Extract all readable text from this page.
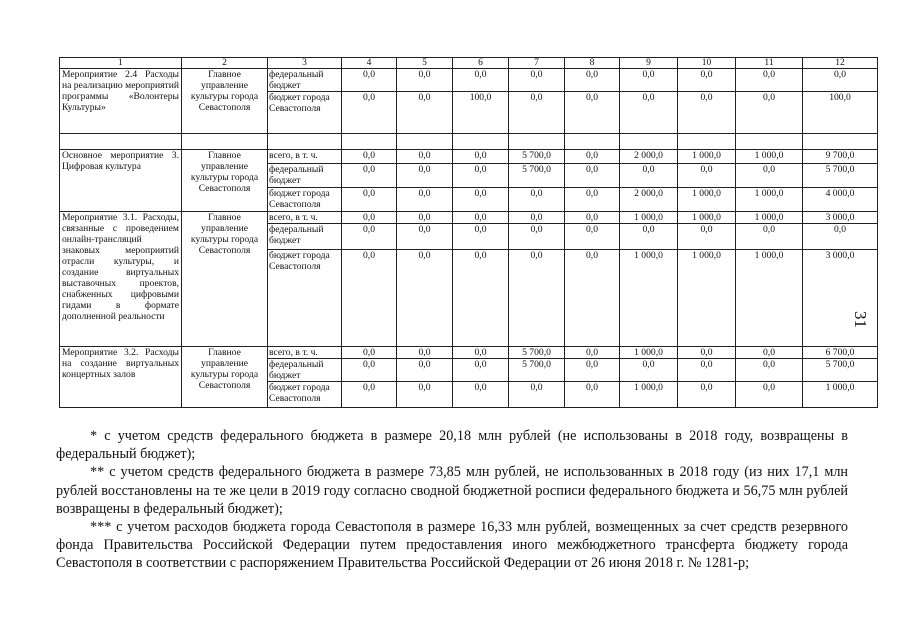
1	2	3	4	5	6	7	8	9	10	11	12

Мероприятие 2.4 Расходы на реализацию мероприятий программы «Волонтеры Культуры»	Главное управление культуры города Севастополя	федеральный бюджет	0,0	0,0	0,0	0,0	0,0	0,0	0,0	0,0	0,0
		бюджет города Севастополя	0,0	0,0	100,0	0,0	0,0	0,0	0,0	0,0	100,0

Основное мероприятие 3. Цифровая культура	Главное управление культуры города Севастополя	всего, в т. ч.	0,0	0,0	0,0	5 700,0	0,0	2 000,0	1 000,0	1 000,0	9 700,0
		федеральный бюджет	0,0	0,0	0,0	5 700,0	0,0	0,0	0,0	0,0	5 700,0
		бюджет города Севастополя	0,0	0,0	0,0	0,0	0,0	2 000,0	1 000,0	1 000,0	4 000,0

Мероприятие 3.1. Расходы, связанные с проведением онлайн-трансляций знаковых мероприятий отрасли культуры, и создание виртуальных выставочных проектов, снабженных цифровыми гидами в формате дополненной реальности	Главное управление культуры города Севастополя	всего, в т. ч.	0,0	0,0	0,0	0,0	0,0	1 000,0	1 000,0	1 000,0	3 000,0
		федеральный бюджет	0,0	0,0	0,0	0,0	0,0	0,0	0,0	0,0	0,0
		бюджет города Севастополя	0,0	0,0	0,0	0,0	0,0	1 000,0	1 000,0	1 000,0	3 000,0

Мероприятие 3.2. Расходы на создание виртуальных концертных залов	Главное управление культуры города Севастополя	всего, в т. ч.	0,0	0,0	0,0	5 700,0	0,0	1 000,0	0,0	0,0	6 700,0
		федеральный бюджет	0,0	0,0	0,0	5 700,0	0,0	0,0	0,0	0,0	5 700,0
		бюджет города Севастополя	0,0	0,0	0,0	0,0	0,0	1 000,0	0,0	0,0	1 000,0
31

* с учетом средств федерального бюджета в размере 20,18 млн рублей (не использованы в 2018 году, возвращены в федеральный бюджет);

** с учетом средств федерального бюджета в размере 73,85 млн рублей, не использованных в 2018 году (из них 17,1 млн рублей восстановлены на те же цели в 2019 году согласно сводной бюджетной росписи федерального бюджета и 56,75 млн рублей возвращены в федеральный бюджет);

*** с учетом расходов бюджета города Севастополя в размере 16,33 млн рублей, возмещенных за счет средств резервного фонда Правительства Российской Федерации путем предоставления иного межбюджетного трансферта бюджету города Севастополя в соответствии с распоряжением Правительства Российской Федерации от 26 июня 2018 г. № 1281-р;
